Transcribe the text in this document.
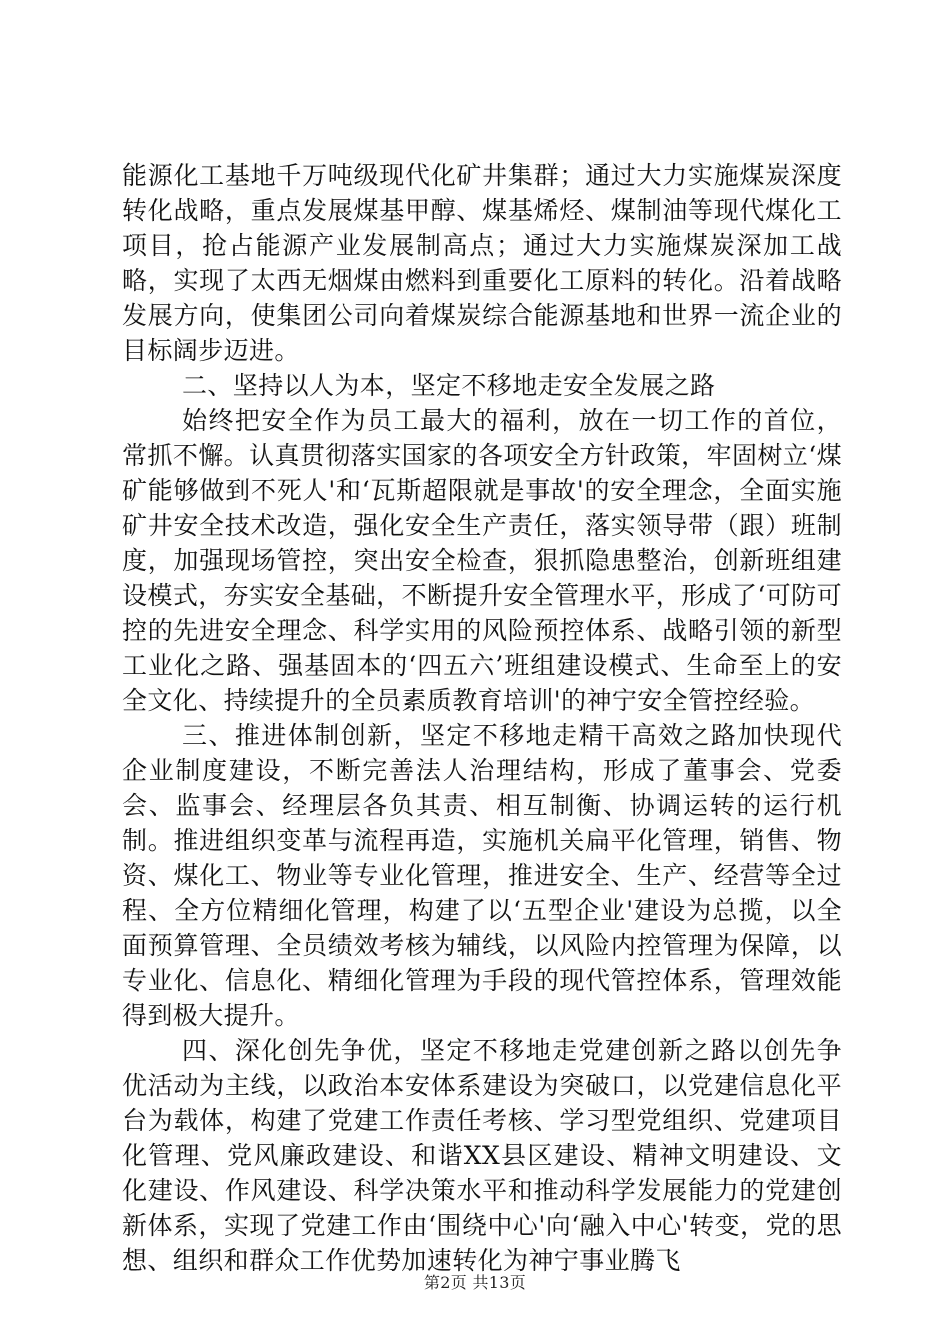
能源化工基地千万吨级现代化矿井集群；通过大力实施煤炭深度转化战略，重点发展煤基甲醇、煤基烯烃、煤制油等现代煤化工项目，抢占能源产业发展制高点；通过大力实施煤炭深加工战略，实现了太西无烟煤由燃料到重要化工原料的转化。沿着战略发展方向，使集团公司向着煤炭综合能源基地和世界一流企业的目标阔步迈进。

二、坚持以人为本，坚定不移地走安全发展之路

始终把安全作为员工最大的福利，放在一切工作的首位，常抓不懈。认真贯彻落实国家的各项安全方针政策，牢固树立‘煤矿能够做到不死人'和‘瓦斯超限就是事故'的安全理念，全面实施矿井安全技术改造，强化安全生产责任，落实领导带（跟）班制度，加强现场管控，突出安全检查，狠抓隐患整治，创新班组建设模式，夯实安全基础，不断提升安全管理水平，形成了‘可防可控的先进安全理念、科学实用的风险预控体系、战略引领的新型工业化之路、强基固本的‘四五六’班组建设模式、生命至上的安全文化、持续提升的全员素质教育培训'的神宁安全管控经验。

三、推进体制创新，坚定不移地走精干高效之路加快现代企业制度建设，不断完善法人治理结构，形成了董事会、党委会、监事会、经理层各负其责、相互制衡、协调运转的运行机制。推进组织变革与流程再造，实施机关扁平化管理，销售、物资、煤化工、物业等专业化管理，推进安全、生产、经营等全过程、全方位精细化管理，构建了以‘五型企业'建设为总揽，以全面预算管理、全员绩效考核为辅线，以风险内控管理为保障，以专业化、信息化、精细化管理为手段的现代管控体系，管理效能得到极大提升。

四、深化创先争优，坚定不移地走党建创新之路以创先争优活动为主线，以政治本安体系建设为突破口，以党建信息化平台为载体，构建了党建工作责任考核、学习型党组织、党建项目化管理、党风廉政建设、和谐XX县区建设、精神文明建设、文化建设、作风建设、科学决策水平和推动科学发展能力的党建创新体系，实现了党建工作由‘围绕中心'向‘融入中心'转变，党的思想、组织和群众工作优势加速转化为神宁事业腾飞

第2页 共13页
